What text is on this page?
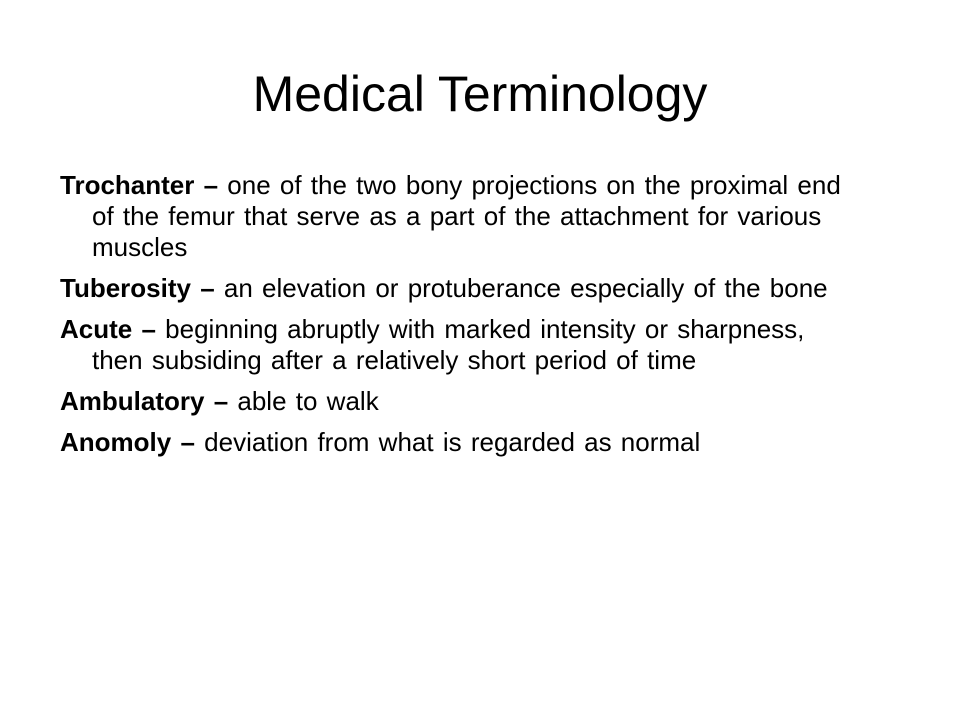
Medical Terminology
Trochanter – one of the two bony projections on the proximal end of the femur that serve as a part of the attachment for various muscles
Tuberosity – an elevation or protuberance especially of the bone
Acute – beginning abruptly with marked intensity or sharpness, then subsiding after a relatively short period of time
Ambulatory – able to walk
Anomoly – deviation from what is regarded as normal
